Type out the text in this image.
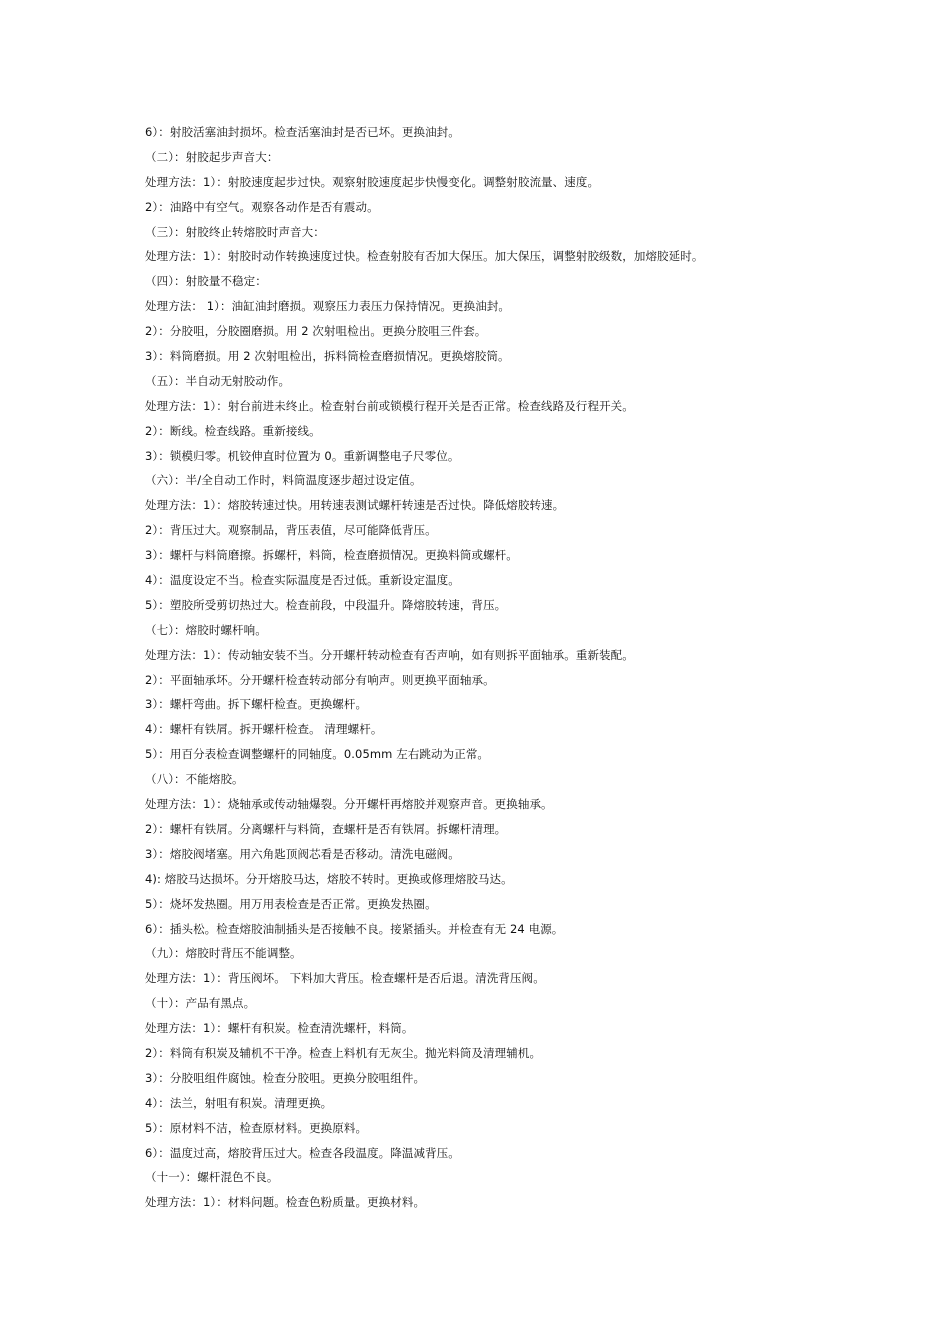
6）：射胶活塞油封损坏。检查活塞油封是否已坏。更换油封。
（二）：射胶起步声音大：
处理方法：1）：射胶速度起步过快。观察射胶速度起步快慢变化。调整射胶流量、速度。
2）：油路中有空气。观察各动作是否有震动。
（三）：射胶终止转熔胶时声音大：
处理方法：1）：射胶时动作转换速度过快。检查射胶有否加大保压。加大保压，调整射胶级数，加熔胶延时。
（四）：射胶量不稳定：
处理方法： 1）：油缸油封磨损。观察压力表压力保持情况。更换油封。
2）：分胶咀，分胶圈磨损。用 2 次射咀检出。更换分胶咀三件套。
3）：料筒磨损。用 2 次射咀检出，拆料筒检查磨损情况。更换熔胶筒。
（五）：半自动无射胶动作。
处理方法：1）：射台前进未终止。检查射台前或锁模行程开关是否正常。检查线路及行程开关。
2）：断线。检查线路。重新接线。
3）：锁模归零。机铰伸直时位置为 0。重新调整电子尺零位。
（六）：半/全自动工作时，料筒温度逐步超过设定值。
处理方法：1）：熔胶转速过快。用转速表测试螺杆转速是否过快。降低熔胶转速。
2）：背压过大。观察制品，背压表值，尽可能降低背压。
3）：螺杆与料筒磨擦。拆螺杆，料筒，检查磨损情况。更换料筒或螺杆。
4）：温度设定不当。检查实际温度是否过低。重新设定温度。
5）：塑胶所受剪切热过大。检查前段，中段温升。降熔胶转速，背压。
（七）：熔胶时螺杆响。
处理方法：1）：传动轴安装不当。分开螺杆转动检查有否声响，如有则拆平面轴承。重新装配。
2）：平面轴承坏。分开螺杆检查转动部分有响声。则更换平面轴承。
3）：螺杆弯曲。拆下螺杆检查。更换螺杆。
4）：螺杆有铁屑。拆开螺杆检查。 清理螺杆。
5）：用百分表检查调整螺杆的同轴度。0.05mm 左右跳动为正常。
（八）：不能熔胶。
处理方法：1）：烧轴承或传动轴爆裂。分开螺杆再熔胶并观察声音。更换轴承。
2）：螺杆有铁屑。分离螺杆与料筒，查螺杆是否有铁屑。拆螺杆清理。
3）：熔胶阀堵塞。用六角匙顶阀芯看是否移动。清洗电磁阀。
4): 熔胶马达损坏。分开熔胶马达，熔胶不转时。更换或修理熔胶马达。
5）：烧坏发热圈。用万用表检查是否正常。更换发热圈。
6）：插头松。检查熔胶油制插头是否接触不良。接紧插头。并检查有无 24 电源。
（九）：熔胶时背压不能调整。
处理方法：1）：背压阀坏。 下料加大背压。检查螺杆是否后退。清洗背压阀。
（十）：产品有黑点。
处理方法：1）：螺杆有积炭。检查清洗螺杆，料筒。
2）：料筒有积炭及辅机不干净。检查上料机有无灰尘。抛光料筒及清理辅机。
3）：分胶咀组件腐蚀。检查分胶咀。更换分胶咀组件。
4）：法兰，射咀有积炭。清理更换。
5）：原材料不洁，检查原材料。更换原料。
6）：温度过高，熔胶背压过大。检查各段温度。降温减背压。
（十一）：螺杆混色不良。
处理方法：1）：材料问题。检查色粉质量。更换材料。
